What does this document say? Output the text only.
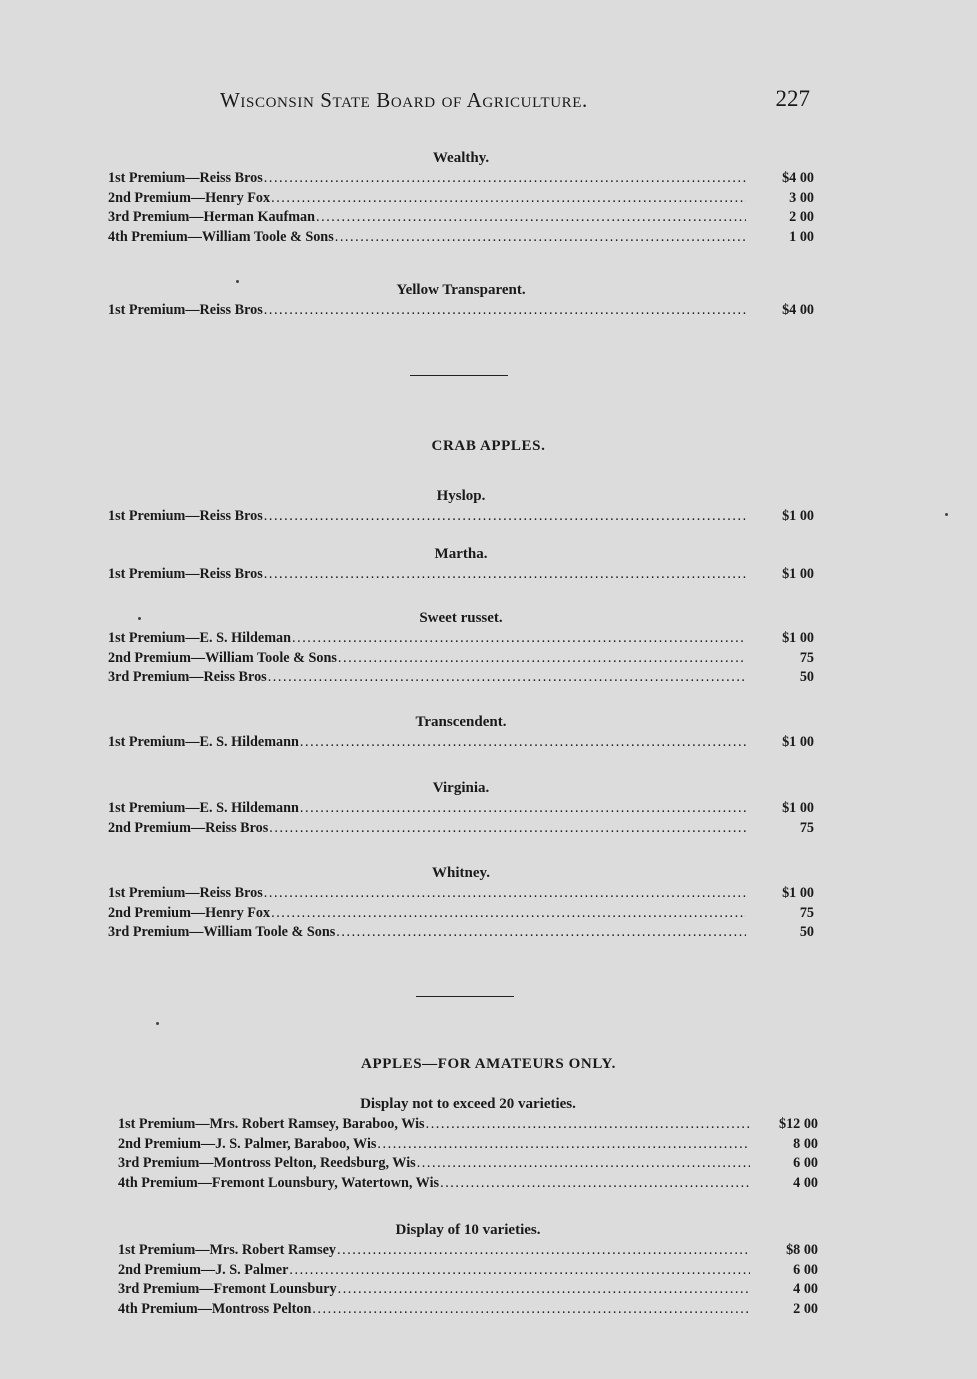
Wisconsin State Board of Agriculture.	227
Wealthy.
1st Premium—Reiss Bros . . .	$4 00
2nd Premium—Henry Fox . . .	3 00
3rd Premium—Herman Kaufman . . .	2 00
4th Premium—William Toole & Sons . . .	1 00
Yellow Transparent.
1st Premium—Reiss Bros . . .	$4 00
CRAB APPLES.
Hyslop.
1st Premium—Reiss Bros . . .	$1 00
Martha.
1st Premium—Reiss Bros . . .	$1 00
Sweet russet.
1st Premium—E. S. Hildeman . . .	$1 00
2nd Premium—William Toole & Sons . . .	75
3rd Premium—Reiss Bros . . .	50
Transcendent.
1st Premium—E. S. Hildemann . . .	$1 00
Virginia.
1st Premium—E. S. Hildemann . . .	$1 00
2nd Premium—Reiss Bros . . .	75
Whitney.
1st Premium—Reiss Bros . . .	$1 00
2nd Premium—Henry Fox . . .	75
3rd Premium—William Toole & Sons . . .	50
APPLES—FOR AMATEURS ONLY.
Display not to exceed 20 varieties.
1st Premium—Mrs. Robert Ramsey, Baraboo, Wis . . .	$12 00
2nd Premium—J. S. Palmer, Baraboo, Wis . . .	8 00
3rd Premium—Montross Pelton, Reedsburg, Wis . . .	6 00
4th Premium—Fremont Lounsbury, Watertown, Wis . . .	4 00
Display of 10 varieties.
1st Premium—Mrs. Robert Ramsey . . .	$8 00
2nd Premium—J. S. Palmer . . .	6 00
3rd Premium—Fremont Lounsbury . . .	4 00
4th Premium—Montross Pelton . . .	2 00
